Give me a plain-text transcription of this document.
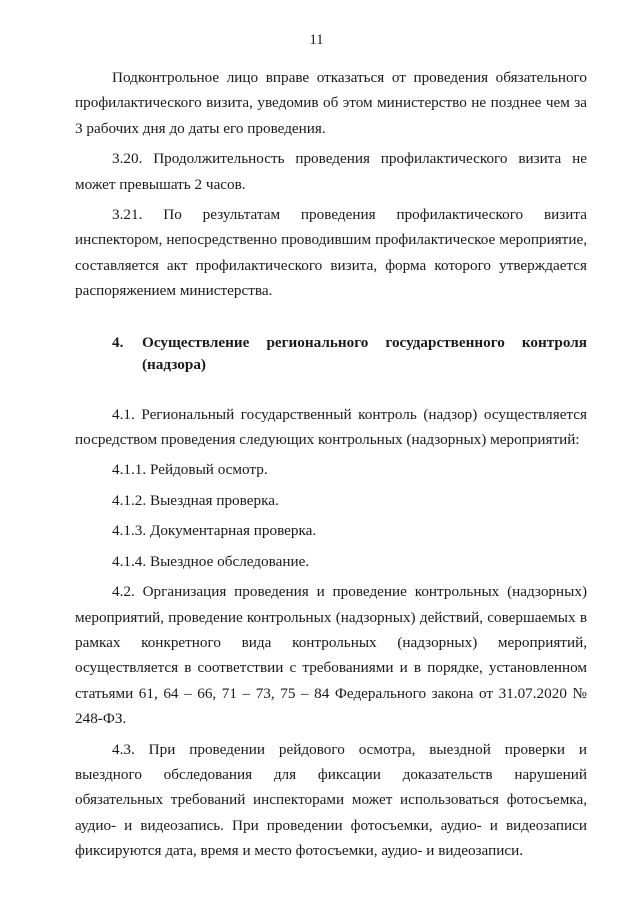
11

Подконтрольное лицо вправе отказаться от проведения обязательного профилактического визита, уведомив об этом министерство не позднее чем за 3 рабочих дня до даты его проведения.

3.20. Продолжительность проведения профилактического визита не может превышать 2 часов.

3.21. По результатам проведения профилактического визита инспектором, непосредственно проводившим профилактическое мероприятие, составляется акт профилактического визита, форма которого утверждается распоряжением министерства.

4.	Осуществление регионального государственного контроля (надзора)

4.1. Региональный государственный контроль (надзор) осуществляется посредством проведения следующих контрольных (надзорных) мероприятий:

4.1.1. Рейдовый осмотр.

4.1.2. Выездная проверка.

4.1.3. Документарная проверка.

4.1.4. Выездное обследование.

4.2. Организация проведения и проведение контрольных (надзорных) мероприятий, проведение контрольных (надзорных) действий, совершаемых в рамках конкретного вида контрольных (надзорных) мероприятий, осуществляется в соответствии с требованиями и в порядке, установленном статьями 61, 64 – 66, 71 – 73, 75 – 84 Федерального закона от 31.07.2020 № 248-ФЗ.

4.3. При проведении рейдового осмотра, выездной проверки и выездного обследования для фиксации доказательств нарушений обязательных требований инспекторами может использоваться фотосъемка, аудио- и видеозапись. При проведении фотосъемки, аудио- и видеозаписи фиксируются дата, время и место фотосъемки, аудио- и видеозаписи.
